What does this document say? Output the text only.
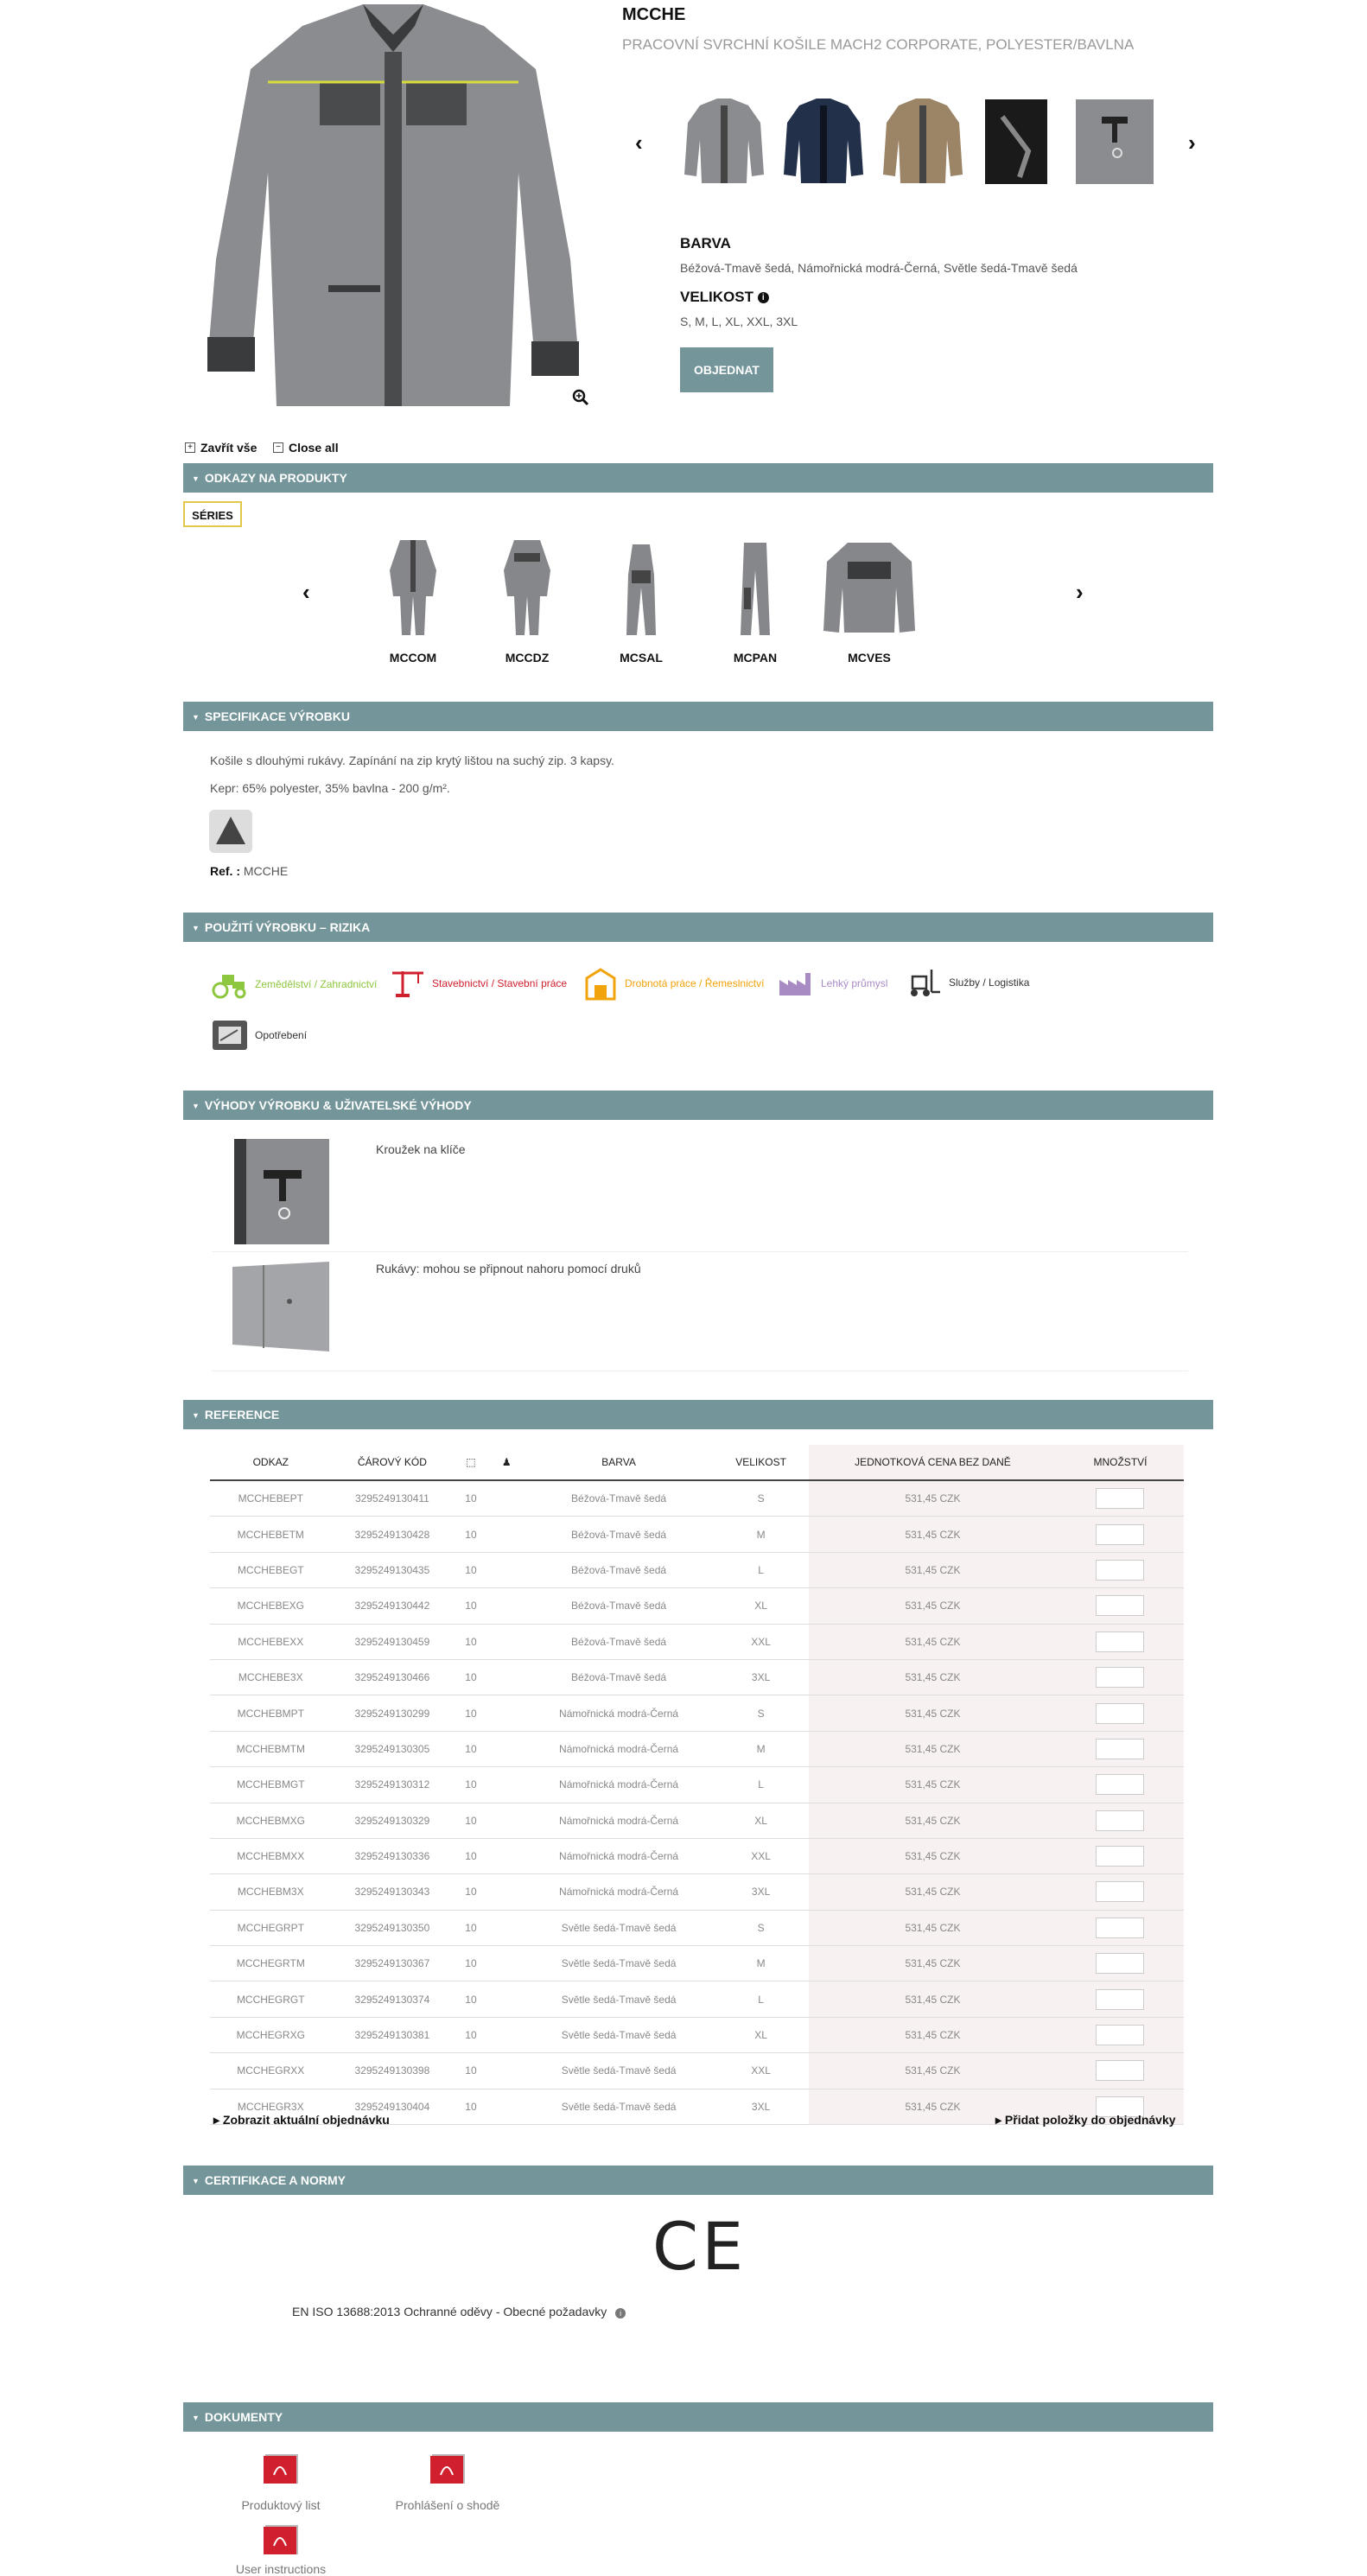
MCCHE
PRACOVNÍ SVRCHNÍ KOŠILE MACH2 CORPORATE, POLYESTER/BAVLNA
‹	›
BARVA
Béžová-Tmavě šedá, Námořnická modrá-Černá, Světle šedá-Tmavě šedá
VELIKOST i
S, M, L, XL, XXL, 3XL
OBJEDNAT
+ Zavřít vše	− Close all
▼ ODKAZY NA PRODUKTY
SÉRIES
‹	›
MCCOM	MCCDZ	MCSAL	MCPAN	MCVES
▼ SPECIFIKACE VÝROBKU
Košile s dlouhými rukávy. Zapínání na zip krytý lištou na suchý zip. 3 kapsy.
Kepr: 65% polyester, 35% bavlna - 200 g/m².
Ref. : MCCHE
▼ POUŽITÍ VÝROBKU – RIZIKA
Zemědělství / Zahradnictví	Stavebnictví / Stavební práce	Drobnotá práce / Řemeslnictví	Lehký průmysl	Služby / Logistika
Opotřebení
▼ VÝHODY VÝROBKU & UŽIVATELSKÉ VÝHODY
Kroužek na klíče
Rukávy: mohou se připnout nahoru pomocí druků
▼ REFERENCE
ODKAZ	ČÁROVÝ KÓD	⬚	♟	BARVA	VELIKOST	JEDNOTKOVÁ CENA BEZ DANĚ	MNOŽSTVÍ
MCCHEBEPT	3295249130411	10		Béžová-Tmavě šedá	S	531,45 CZK	
MCCHEBETM	3295249130428	10		Béžová-Tmavě šedá	M	531,45 CZK	
MCCHEBEGT	3295249130435	10		Béžová-Tmavě šedá	L	531,45 CZK	
MCCHEBEXG	3295249130442	10		Béžová-Tmavě šedá	XL	531,45 CZK	
MCCHEBEXX	3295249130459	10		Béžová-Tmavě šedá	XXL	531,45 CZK	
MCCHEBE3X	3295249130466	10		Béžová-Tmavě šedá	3XL	531,45 CZK	
MCCHEBMPT	3295249130299	10		Námořnická modrá-Černá	S	531,45 CZK	
MCCHEBMTM	3295249130305	10		Námořnická modrá-Černá	M	531,45 CZK	
MCCHEBMGT	3295249130312	10		Námořnická modrá-Černá	L	531,45 CZK	
MCCHEBMXG	3295249130329	10		Námořnická modrá-Černá	XL	531,45 CZK	
MCCHEBMXX	3295249130336	10		Námořnická modrá-Černá	XXL	531,45 CZK	
MCCHEBM3X	3295249130343	10		Námořnická modrá-Černá	3XL	531,45 CZK	
MCCHEGRPT	3295249130350	10		Světle šedá-Tmavě šedá	S	531,45 CZK	
MCCHEGRTM	3295249130367	10		Světle šedá-Tmavě šedá	M	531,45 CZK	
MCCHEGRGT	3295249130374	10		Světle šedá-Tmavě šedá	L	531,45 CZK	
MCCHEGRXG	3295249130381	10		Světle šedá-Tmavě šedá	XL	531,45 CZK	
MCCHEGRXX	3295249130398	10		Světle šedá-Tmavě šedá	XXL	531,45 CZK	
MCCHEGR3X	3295249130404	10		Světle šedá-Tmavě šedá	3XL	531,45 CZK	
▸ Zobrazit aktuální objednávku	▸ Přidat položky do objednávky
▼ CERTIFIKACE A NORMY
CE
EN ISO 13688:2013 Ochranné oděvy - Obecné požadavky i
▼ DOKUMENTY
Produktový list	Prohlášení o shodě
User instructions
